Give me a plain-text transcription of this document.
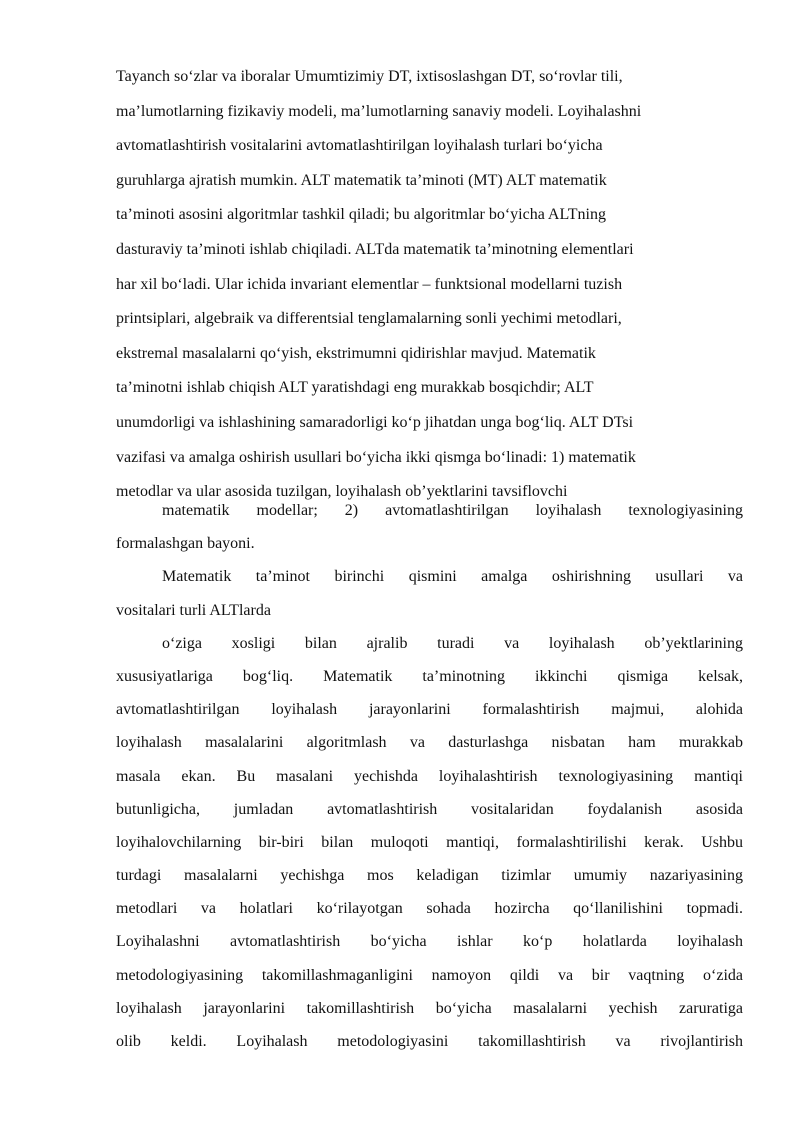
Tayanch so‘zlar va iboralar Umumtizimiy DT, ixtisoslashgan DT, so‘rovlar tili,
ma’lumotlarning fizikaviy modeli, ma’lumotlarning sanaviy modeli. Loyihalashni
avtomatlashtirish vositalarini avtomatlashtirilgan loyihalash turlari bo‘yicha
guruhlarga ajratish mumkin. ALT matematik ta’minoti (MT) ALT matematik
ta’minoti asosini algoritmlar tashkil qiladi; bu algoritmlar bo‘yicha ALTning
dasturaviy ta’minoti ishlab chiqiladi. ALTda matematik ta’minotning elementlari
har xil bo‘ladi. Ular ichida invariant elementlar – funktsional modellarni tuzish
printsiplari, algebraik va differentsial tenglamalarning sonli yechimi metodlari,
ekstremal masalalarni qo‘yish, ekstrimumni qidirishlar mavjud. Matematik
ta’minotni ishlab chiqish ALT yaratishdagi eng murakkab bosqichdir; ALT
unumdorligi va ishlashining samaradorligi ko‘p jihatdan unga bog‘liq. ALT DTsi
vazifasi va amalga oshirish usullari bo‘yicha ikki qismga bo‘linadi: 1) matematik
metodlar va ular asosida tuzilgan, loyihalash ob’yektlarini tavsiflovchi
matematik modellar; 2) avtomatlashtirilgan loyihalash texnologiyasining
formalashgan bayoni.
Matematik ta’minot birinchi qismini amalga oshirishning usullari va
vositalari turli ALTlarda
o‘ziga xosligi bilan ajralib turadi va loyihalash ob’yektlarining
xususiyatlariga bog‘liq. Matematik ta’minotning ikkinchi qismiga kelsak,
avtomatlashtirilgan loyihalash jarayonlarini formalashtirish majmui, alohida
loyihalash masalalarini algoritmlash va dasturlashga nisbatan ham murakkab
masala ekan. Bu masalani yechishda loyihalashtirish texnologiyasining mantiqi
butunligicha, jumladan avtomatlashtirish vositalaridan foydalanish asosida
loyihalovchilarning bir-biri bilan muloqoti mantiqi, formalashtirilishi kerak. Ushbu
turdagi masalalarni yechishga mos keladigan tizimlar umumiy nazariyasining
metodlari va holatlari ko‘rilayotgan sohada hozircha qo‘llanilishini topmadi.
Loyihalashni avtomatlashtirish bo‘yicha ishlar ko‘p holatlarda loyihalash
metodologiyasining takomillashmaganligini namoyon qildi va bir vaqtning o‘zida
loyihalash jarayonlarini takomillashtirish bo‘yicha masalalarni yechish zaruratiga
olib keldi. Loyihalash metodologiyasini takomillashtirish va rivojlantirish
